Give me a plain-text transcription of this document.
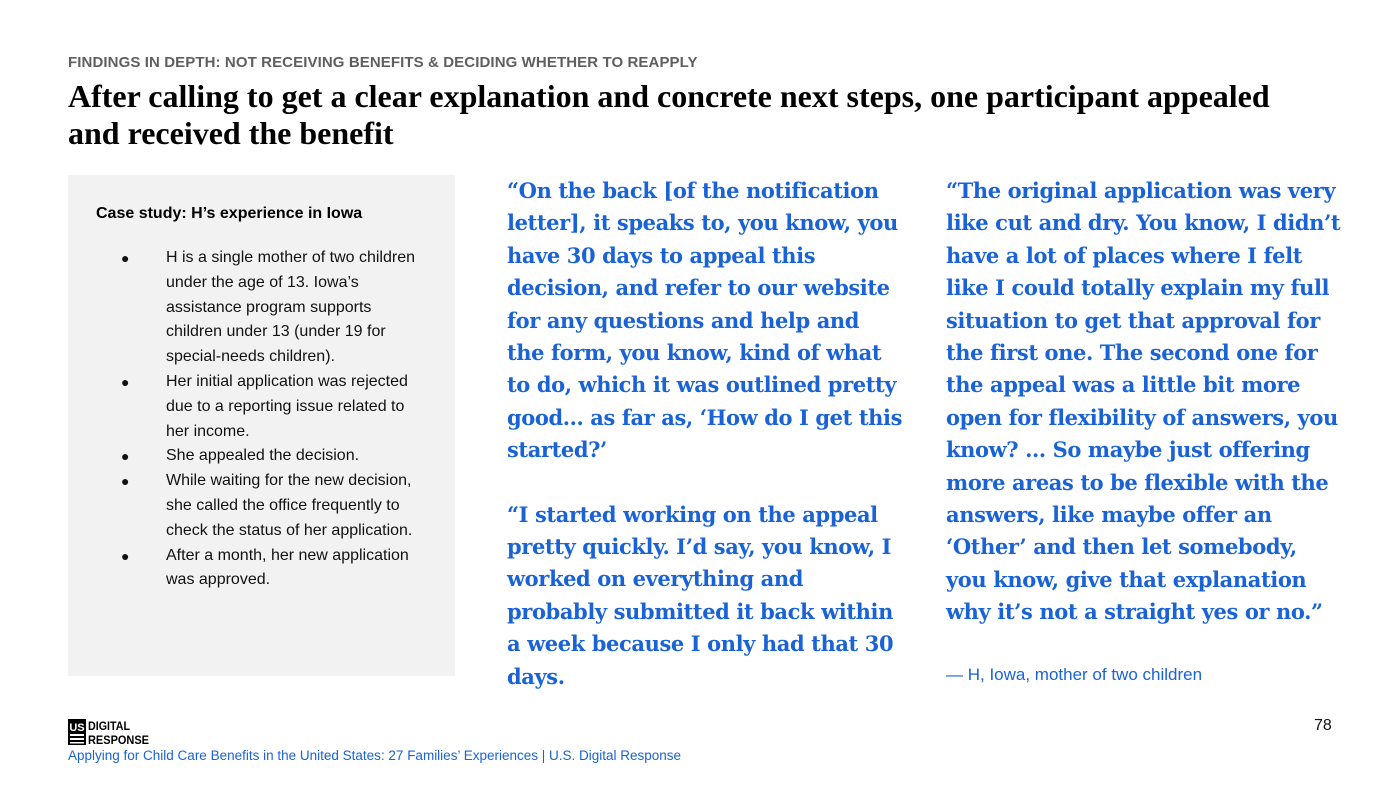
FINDINGS IN DEPTH: NOT RECEIVING BENEFITS & DECIDING WHETHER TO REAPPLY
After calling to get a clear explanation and concrete next steps, one participant appealed and received the benefit
Case study: H’s experience in Iowa
● H is a single mother of two children under the age of 13. Iowa’s assistance program supports children under 13 (under 19 for special-needs children).
● Her initial application was rejected due to a reporting issue related to her income.
● She appealed the decision.
● While waiting for the new decision, she called the office frequently to check the status of her application.
● After a month, her new application was approved.

“On the back [of the notification letter], it speaks to, you know, you have 30 days to appeal this decision, and refer to our website for any questions and help and the form, you know, kind of what to do, which it was outlined pretty good… as far as, ‘How do I get this started?’

“I started working on the appeal pretty quickly. I’d say, you know, I worked on everything and probably submitted it back within a week because I only had that 30 days.

“The original application was very like cut and dry. You know, I didn’t have a lot of places where I felt like I could totally explain my full situation to get that approval for the first one. The second one for the appeal was a little bit more open for flexibility of answers, you know? … So maybe just offering more areas to be flexible with the answers, like maybe offer an ‘Other’ and then let somebody, you know, give that explanation why it’s not a straight yes or no.”

— H, Iowa, mother of two children
US DIGITAL
RESPONSE
Applying for Child Care Benefits in the United States: 27 Families’ Experiences | U.S. Digital Response
78
